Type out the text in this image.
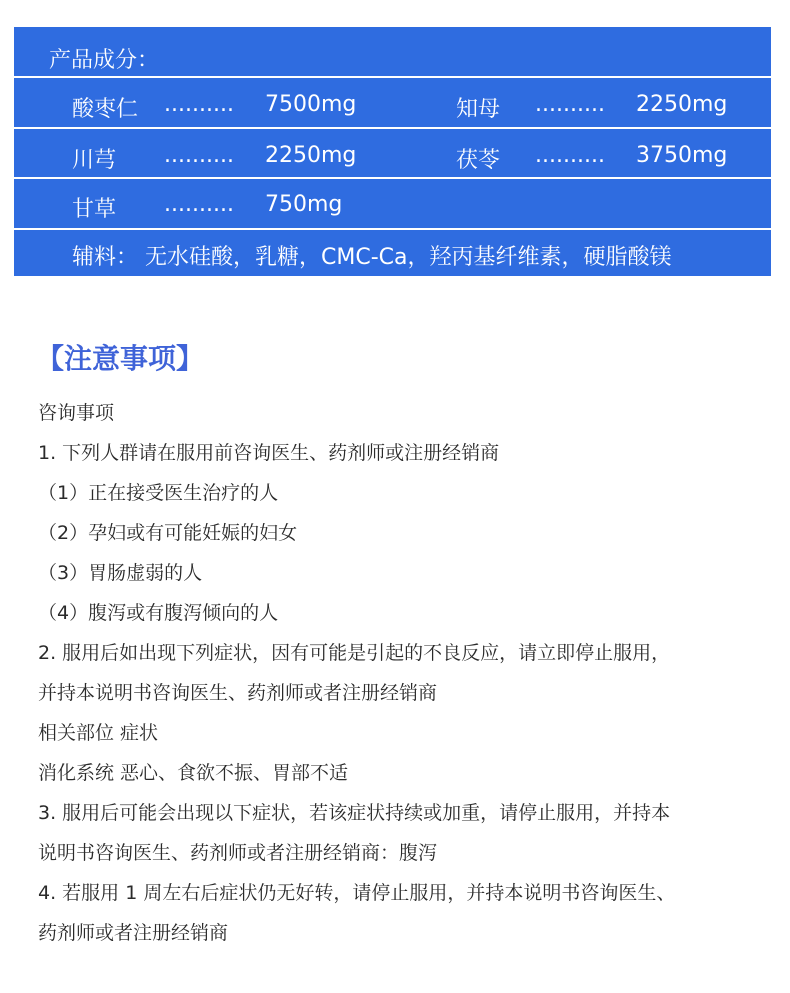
产品成分：
酸枣仁 .......... 7500mg	知母 .......... 2250mg
川芎 .......... 2250mg	茯苓 .......... 3750mg
甘草 .......... 750mg
辅料： 无水硅酸，乳糖，CMC-Ca，羟丙基纤维素，硬脂酸镁
【注意事项】
咨询事项
1. 下列人群请在服用前咨询医生、药剂师或注册经销商
（1）正在接受医生治疗的人
（2）孕妇或有可能妊娠的妇女
（3）胃肠虚弱的人
（4）腹泻或有腹泻倾向的人
2. 服用后如出现下列症状，因有可能是引起的不良反应，请立即停止服用，
并持本说明书咨询医生、药剂师或者注册经销商
相关部位 症状
消化系统 恶心、食欲不振、胃部不适
3. 服用后可能会出现以下症状，若该症状持续或加重，请停止服用，并持本
说明书咨询医生、药剂师或者注册经销商：腹泻
4. 若服用 1 周左右后症状仍无好转，请停止服用，并持本说明书咨询医生、
药剂师或者注册经销商
